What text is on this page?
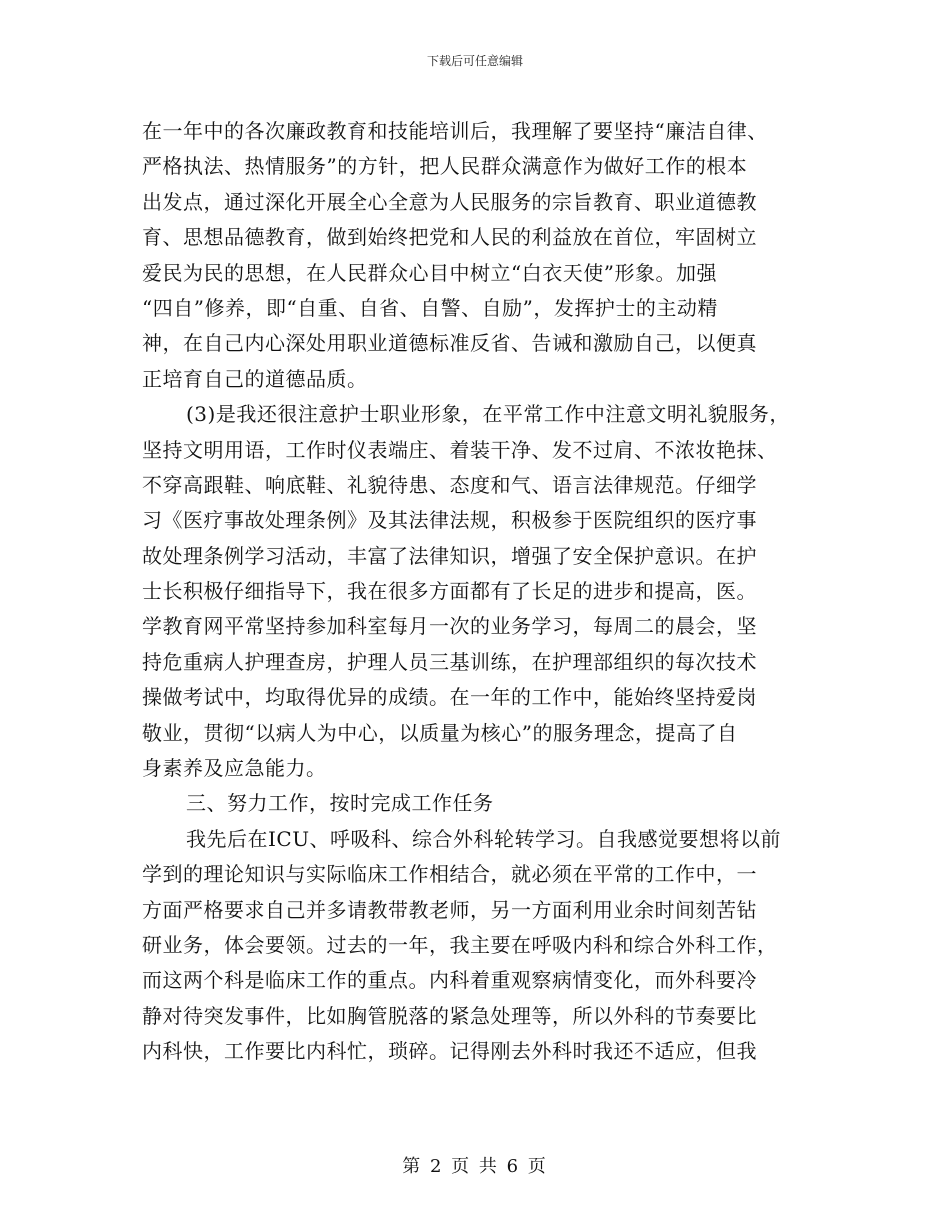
下载后可任意编辑
在一年中的各次廉政教育和技能培训后，我理解了要坚持“廉洁自律、
严格执法、热情服务”的方针，把人民群众满意作为做好工作的根本
出发点，通过深化开展全心全意为人民服务的宗旨教育、职业道德教
育、思想品德教育，做到始终把党和人民的利益放在首位，牢固树立
爱民为民的思想，在人民群众心目中树立“白衣天使”形象。加强
“四自”修养，即“自重、自省、自警、自励”，发挥护士的主动精
神，在自己内心深处用职业道德标准反省、告诫和激励自己，以便真
正培育自己的道德品质。
(3)是我还很注意护士职业形象，在平常工作中注意文明礼貌服务，
坚持文明用语，工作时仪表端庄、着装干净、发不过肩、不浓妆艳抹、
不穿高跟鞋、响底鞋、礼貌待患、态度和气、语言法律规范。仔细学
习《医疗事故处理条例》及其法律法规，积极参于医院组织的医疗事
故处理条例学习活动，丰富了法律知识，增强了安全保护意识。在护
士长积极仔细指导下，我在很多方面都有了长足的进步和提高，医。
学教育网平常坚持参加科室每月一次的业务学习，每周二的晨会，坚
持危重病人护理查房，护理人员三基训练，在护理部组织的每次技术
操做考试中，均取得优异的成绩。在一年的工作中，能始终坚持爱岗
敬业，贯彻“以病人为中心，以质量为核心”的服务理念，提高了自
身素养及应急能力。
三、努力工作，按时完成工作任务
我先后在ICU、呼吸科、综合外科轮转学习。自我感觉要想将以前
学到的理论知识与实际临床工作相结合，就必须在平常的工作中，一
方面严格要求自己并多请教带教老师，另一方面利用业余时间刻苦钻
研业务，体会要领。过去的一年，我主要在呼吸内科和综合外科工作，
而这两个科是临床工作的重点。内科着重观察病情变化，而外科要冷
静对待突发事件，比如胸管脱落的紧急处理等，所以外科的节奏要比
内科快，工作要比内科忙，琐碎。记得刚去外科时我还不适应，但我
第 2 页 共 6 页
